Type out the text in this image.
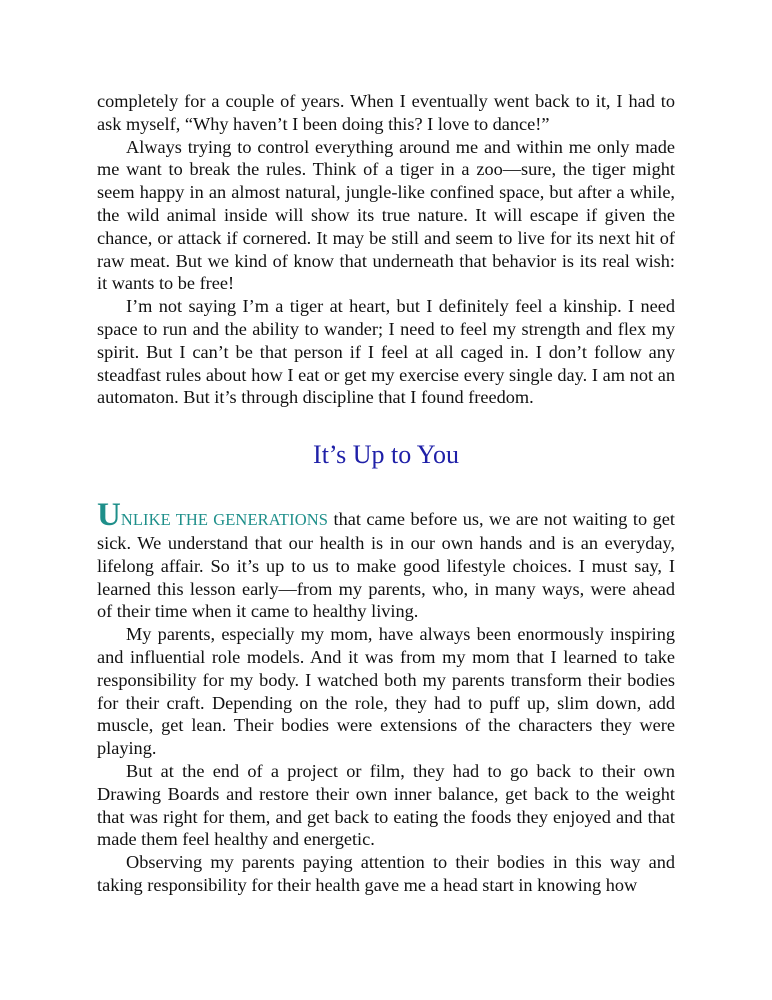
completely for a couple of years. When I eventually went back to it, I had to ask myself, “Why haven’t I been doing this? I love to dance!”

Always trying to control everything around me and within me only made me want to break the rules. Think of a tiger in a zoo—sure, the tiger might seem happy in an almost natural, jungle-like confined space, but after a while, the wild animal inside will show its true nature. It will escape if given the chance, or attack if cornered. It may be still and seem to live for its next hit of raw meat. But we kind of know that underneath that behavior is its real wish: it wants to be free!

I’m not saying I’m a tiger at heart, but I definitely feel a kinship. I need space to run and the ability to wander; I need to feel my strength and flex my spirit. But I can’t be that person if I feel at all caged in. I don’t follow any steadfast rules about how I eat or get my exercise every single day. I am not an automaton. But it’s through discipline that I found freedom.

It’s Up to You

UNLIKE THE GENERATIONS that came before us, we are not waiting to get sick. We understand that our health is in our own hands and is an everyday, lifelong affair. So it’s up to us to make good lifestyle choices. I must say, I learned this lesson early—from my parents, who, in many ways, were ahead of their time when it came to healthy living.

My parents, especially my mom, have always been enormously inspiring and influential role models. And it was from my mom that I learned to take responsibility for my body. I watched both my parents transform their bodies for their craft. Depending on the role, they had to puff up, slim down, add muscle, get lean. Their bodies were extensions of the characters they were playing.

But at the end of a project or film, they had to go back to their own Drawing Boards and restore their own inner balance, get back to the weight that was right for them, and get back to eating the foods they enjoyed and that made them feel healthy and energetic.

Observing my parents paying attention to their bodies in this way and taking responsibility for their health gave me a head start in knowing how
